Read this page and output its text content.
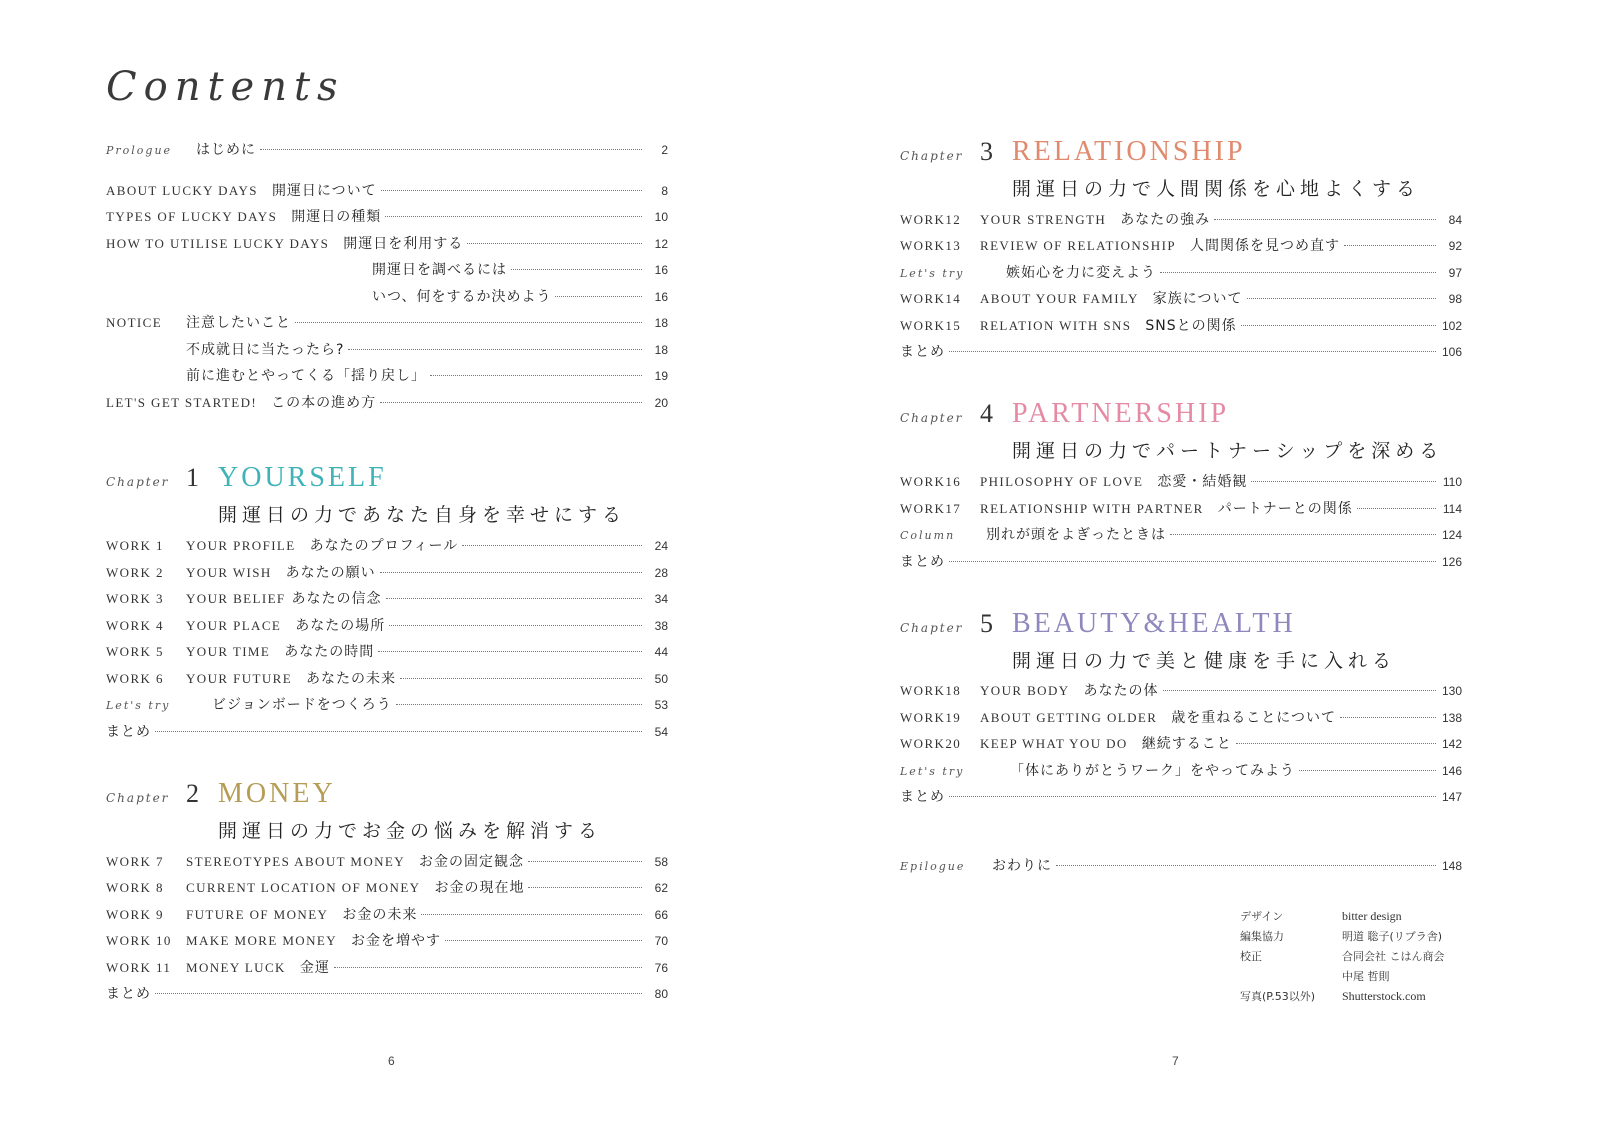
Contents
Prologue	はじめに	2
ABOUT LUCKY DAYS 開運日について	8
TYPES OF LUCKY DAYS 開運日の種類	10
HOW TO UTILISE LUCKY DAYS 開運日を利用する	12
開運日を調べるには	16
いつ、何をするか決めよう	16
NOTICE	注意したいこと	18
不成就日に当たったら?	18
前に進むとやってくる「揺り戻し」	19
LET'S GET STARTED! この本の進め方	20
Chapter 1 YOURSELF
開運日の力であなた自身を幸せにする
WORK 1	YOUR PROFILE あなたのプロフィール	24
WORK 2	YOUR WISH あなたの願い	28
WORK 3	YOUR BELIEF あなたの信念	34
WORK 4	YOUR PLACE あなたの場所	38
WORK 5	YOUR TIME あなたの時間	44
WORK 6	YOUR FUTURE あなたの未来	50
Let's try	ビジョンボードをつくろう	53
まとめ	54
Chapter 2 MONEY
開運日の力でお金の悩みを解消する
WORK 7	STEREOTYPES ABOUT MONEY お金の固定観念	58
WORK 8	CURRENT LOCATION OF MONEY お金の現在地	62
WORK 9	FUTURE OF MONEY お金の未来	66
WORK 10	MAKE MORE MONEY お金を増やす	70
WORK 11	MONEY LUCK 金運	76
まとめ	80
6
Chapter 3 RELATIONSHIP
開運日の力で人間関係を心地よくする
WORK12	YOUR STRENGTH あなたの強み	84
WORK13	REVIEW OF RELATIONSHIP 人間関係を見つめ直す	92
Let's try	嫉妬心を力に変えよう	97
WORK14	ABOUT YOUR FAMILY 家族について	98
WORK15	RELATION WITH SNS SNSとの関係	102
まとめ	106
Chapter 4 PARTNERSHIP
開運日の力でパートナーシップを深める
WORK16	PHILOSOPHY OF LOVE 恋愛・結婚観	110
WORK17	RELATIONSHIP WITH PARTNER パートナーとの関係	114
Column	別れが頭をよぎったときは	124
まとめ	126
Chapter 5 BEAUTY&HEALTH
開運日の力で美と健康を手に入れる
WORK18	YOUR BODY あなたの体	130
WORK19	ABOUT GETTING OLDER 歳を重ねることについて	138
WORK20	KEEP WHAT YOU DO 継続すること	142
Let's try	「体にありがとうワーク」をやってみよう	146
まとめ	147
Epilogue	おわりに	148
7
デザイン	bitter design
編集協力	明道 聡子(リブラ舎)
校正	合同会社 こはん商会
中尾 哲則
写真(P.53以外)	Shutterstock.com
